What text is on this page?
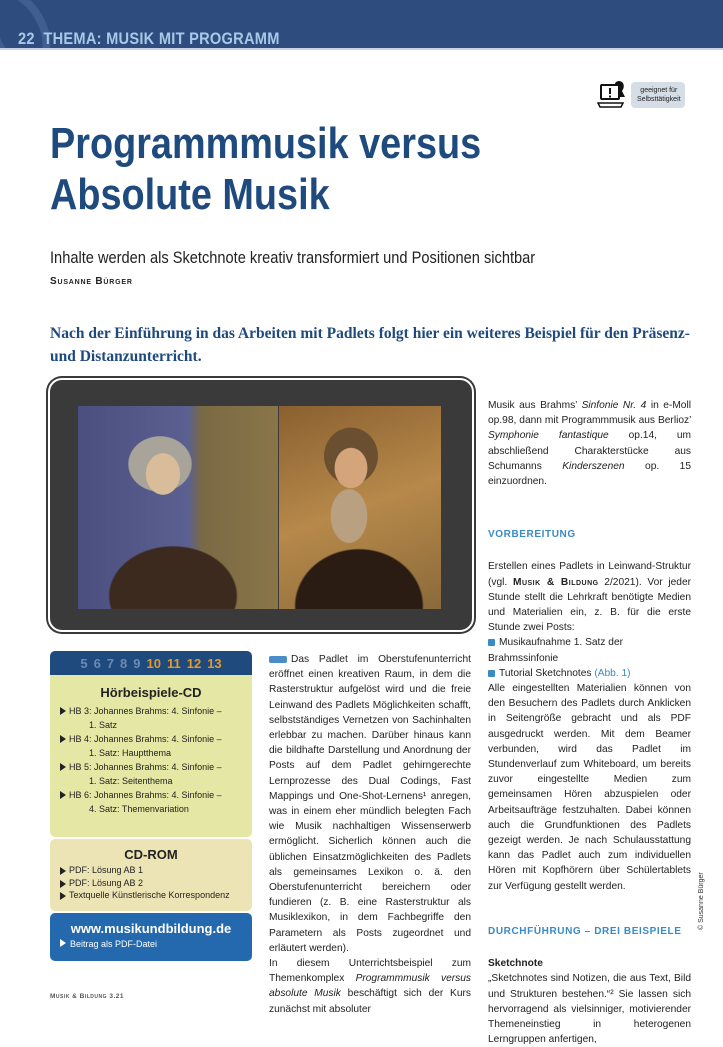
22 THEMA: MUSIK MIT PROGRAMM
geeignet für
Selbsttätigkeit
Programmmusik versus
Absolute Musik
Inhalte werden als Sketchnote kreativ transformiert und Positionen sichtbar
Susanne Bürger
Nach der Einführung in das Arbeiten mit Padlets folgt hier ein weiteres Beispiel für den Präsenz- und Distanzunterricht.
5 6 7 8 9 10 11 12 13
Hörbeispiele-CD
HB 3: Johannes Brahms: 4. Sinfonie –
1. Satz
HB 4: Johannes Brahms: 4. Sinfonie –
1. Satz: Hauptthema
HB 5: Johannes Brahms: 4. Sinfonie –
1. Satz: Seitenthema
HB 6: Johannes Brahms: 4. Sinfonie –
4. Satz: Themenvariation
CD-ROM
PDF: Lösung AB 1
PDF: Lösung AB 2
Textquelle Künstlerische Korrespondenz
www.musikundbildung.de
Beitrag als PDF-Datei

Das Padlet im Oberstufenunterricht eröffnet einen kreativen Raum, in dem die Rasterstruktur aufgelöst wird und die freie Leinwand des Padlets Möglichkeiten schafft, selbstständiges Vernetzen von Sachinhalten erlebbar zu machen. Darüber hinaus kann die bildhafte Darstellung und Anordnung der Posts auf dem Padlet gehirngerechte Lernprozesse des Dual Codings, Fast Mappings und One-Shot-Lernens¹ anregen, was in einem eher mündlich belegten Fach wie Musik nachhaltigen Wissenserwerb ermöglicht. Sicherlich können auch die üblichen Einsatzmöglichkeiten des Padlets als gemeinsames Lexikon o. ä. den Oberstufenunterricht bereichern oder fundieren (z. B. eine Rasterstruktur als Musiklexikon, in dem Fachbegriffe den Parametern als Posts zugeordnet und erläutert werden).

In diesem Unterrichtsbeispiel zum Themenkomplex Programmmusik versus absolute Musik beschäftigt sich der Kurs zunächst mit absoluter

Musik aus Brahms’ Sinfonie Nr. 4 in e-Moll op.98, dann mit Programmmusik aus Berlioz’ Symphonie fantastique op.14, um abschließend Charakterstücke aus Schumanns Kinderszenen op. 15 einzuordnen.

VORBEREITUNG

Erstellen eines Padlets in Leinwand-Struktur (vgl. Musik & Bildung 2/2021). Vor jeder Stunde stellt die Lehrkraft benötigte Medien und Materialien ein, z. B. für die erste Stunde zwei Posts:

Musikaufnahme 1. Satz der Brahmssinfonie

Tutorial Sketchnotes (Abb. 1)

Alle eingestellten Materialien können von den Besuchern des Padlets durch Anklicken in Seitengröße gebracht und als PDF ausgedruckt werden. Mit dem Beamer verbunden, wird das Padlet im Stundenverlauf zum Whiteboard, um bereits zuvor eingestellte Medien zum gemeinsamen Hören abzuspielen oder Arbeitsaufträge festzuhalten. Dabei können auch die Grundfunktionen des Padlets gezeigt werden. Je nach Schulausstattung kann das Padlet auch zum individuellen Hören mit Kopfhörern über Schülertablets zur Verfügung gestellt werden.

DURCHFÜHRUNG – DREI BEISPIELE

Sketchnote

„Sketchnotes sind Notizen, die aus Text, Bild und Strukturen bestehen.“² Sie lassen sich hervorragend als vielsinniger, motivierender Themeneinstieg in heterogenen Lerngruppen anfertigen,

© Susanne Bürger
Musik & Bildung 3.21
